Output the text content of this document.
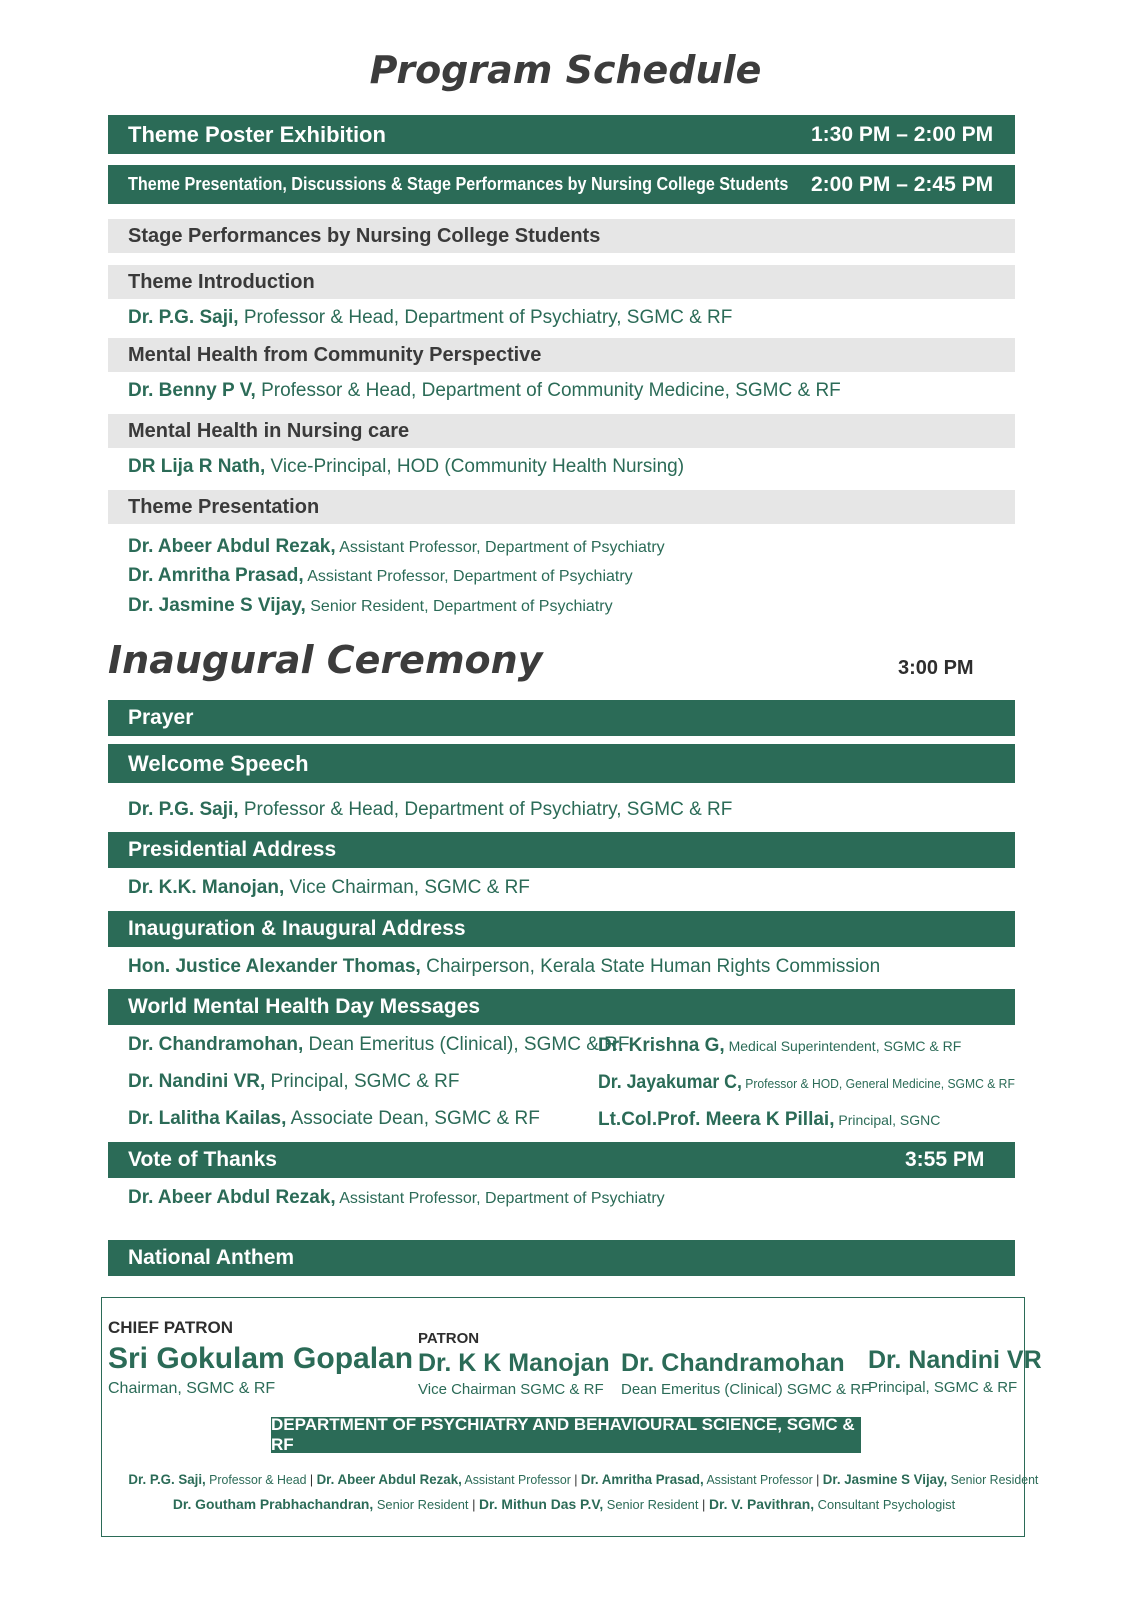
Program Schedule
Theme Poster Exhibition	1:30 PM – 2:00 PM
Theme Presentation, Discussions & Stage Performances by Nursing College Students 2:00 PM – 2:45 PM
Stage Performances by Nursing College Students
Theme Introduction
Dr. P.G. Saji, Professor & Head, Department of Psychiatry, SGMC & RF
Mental Health from Community Perspective
Dr. Benny P V, Professor & Head, Department of Community Medicine, SGMC & RF
Mental Health in Nursing care
DR Lija R Nath, Vice-Principal, HOD (Community Health Nursing)
Theme Presentation
Dr. Abeer Abdul Rezak, Assistant Professor, Department of Psychiatry
Dr. Amritha Prasad, Assistant Professor, Department of Psychiatry
Dr. Jasmine S Vijay, Senior Resident, Department of Psychiatry
Inaugural Ceremony	3:00 PM
Prayer
Welcome Speech
Dr. P.G. Saji, Professor & Head, Department of Psychiatry, SGMC & RF
Presidential Address
Dr. K.K. Manojan, Vice Chairman, SGMC & RF
Inauguration & Inaugural Address
Hon. Justice Alexander Thomas, Chairperson, Kerala State Human Rights Commission
World Mental Health Day Messages
Dr. Chandramohan, Dean Emeritus (Clinical), SGMC & RF
Dr. Nandini VR, Principal, SGMC & RF
Dr. Lalitha Kailas, Associate Dean, SGMC & RF
Dr. Krishna G, Medical Superintendent, SGMC & RF
Dr. Jayakumar C, Professor & HOD, General Medicine, SGMC & RF
Lt.Col.Prof. Meera K Pillai, Principal, SGNC
Vote of Thanks	3:55 PM
Dr. Abeer Abdul Rezak, Assistant Professor, Department of Psychiatry
National Anthem
CHIEF PATRON
Sri Gokulam Gopalan
Chairman, SGMC & RF
PATRON
Dr. K K Manojan
Vice Chairman SGMC & RF
Dr. Chandramohan
Dean Emeritus (Clinical) SGMC & RF
Dr. Nandini VR
Principal, SGMC & RF
DEPARTMENT OF PSYCHIATRY AND BEHAVIOURAL SCIENCE, SGMC & RF
Dr. P.G. Saji, Professor & Head | Dr. Abeer Abdul Rezak, Assistant Professor | Dr. Amritha Prasad, Assistant Professor | Dr. Jasmine S Vijay, Senior Resident
Dr. Goutham Prabhachandran, Senior Resident | Dr. Mithun Das P.V, Senior Resident | Dr. V. Pavithran, Consultant Psychologist
